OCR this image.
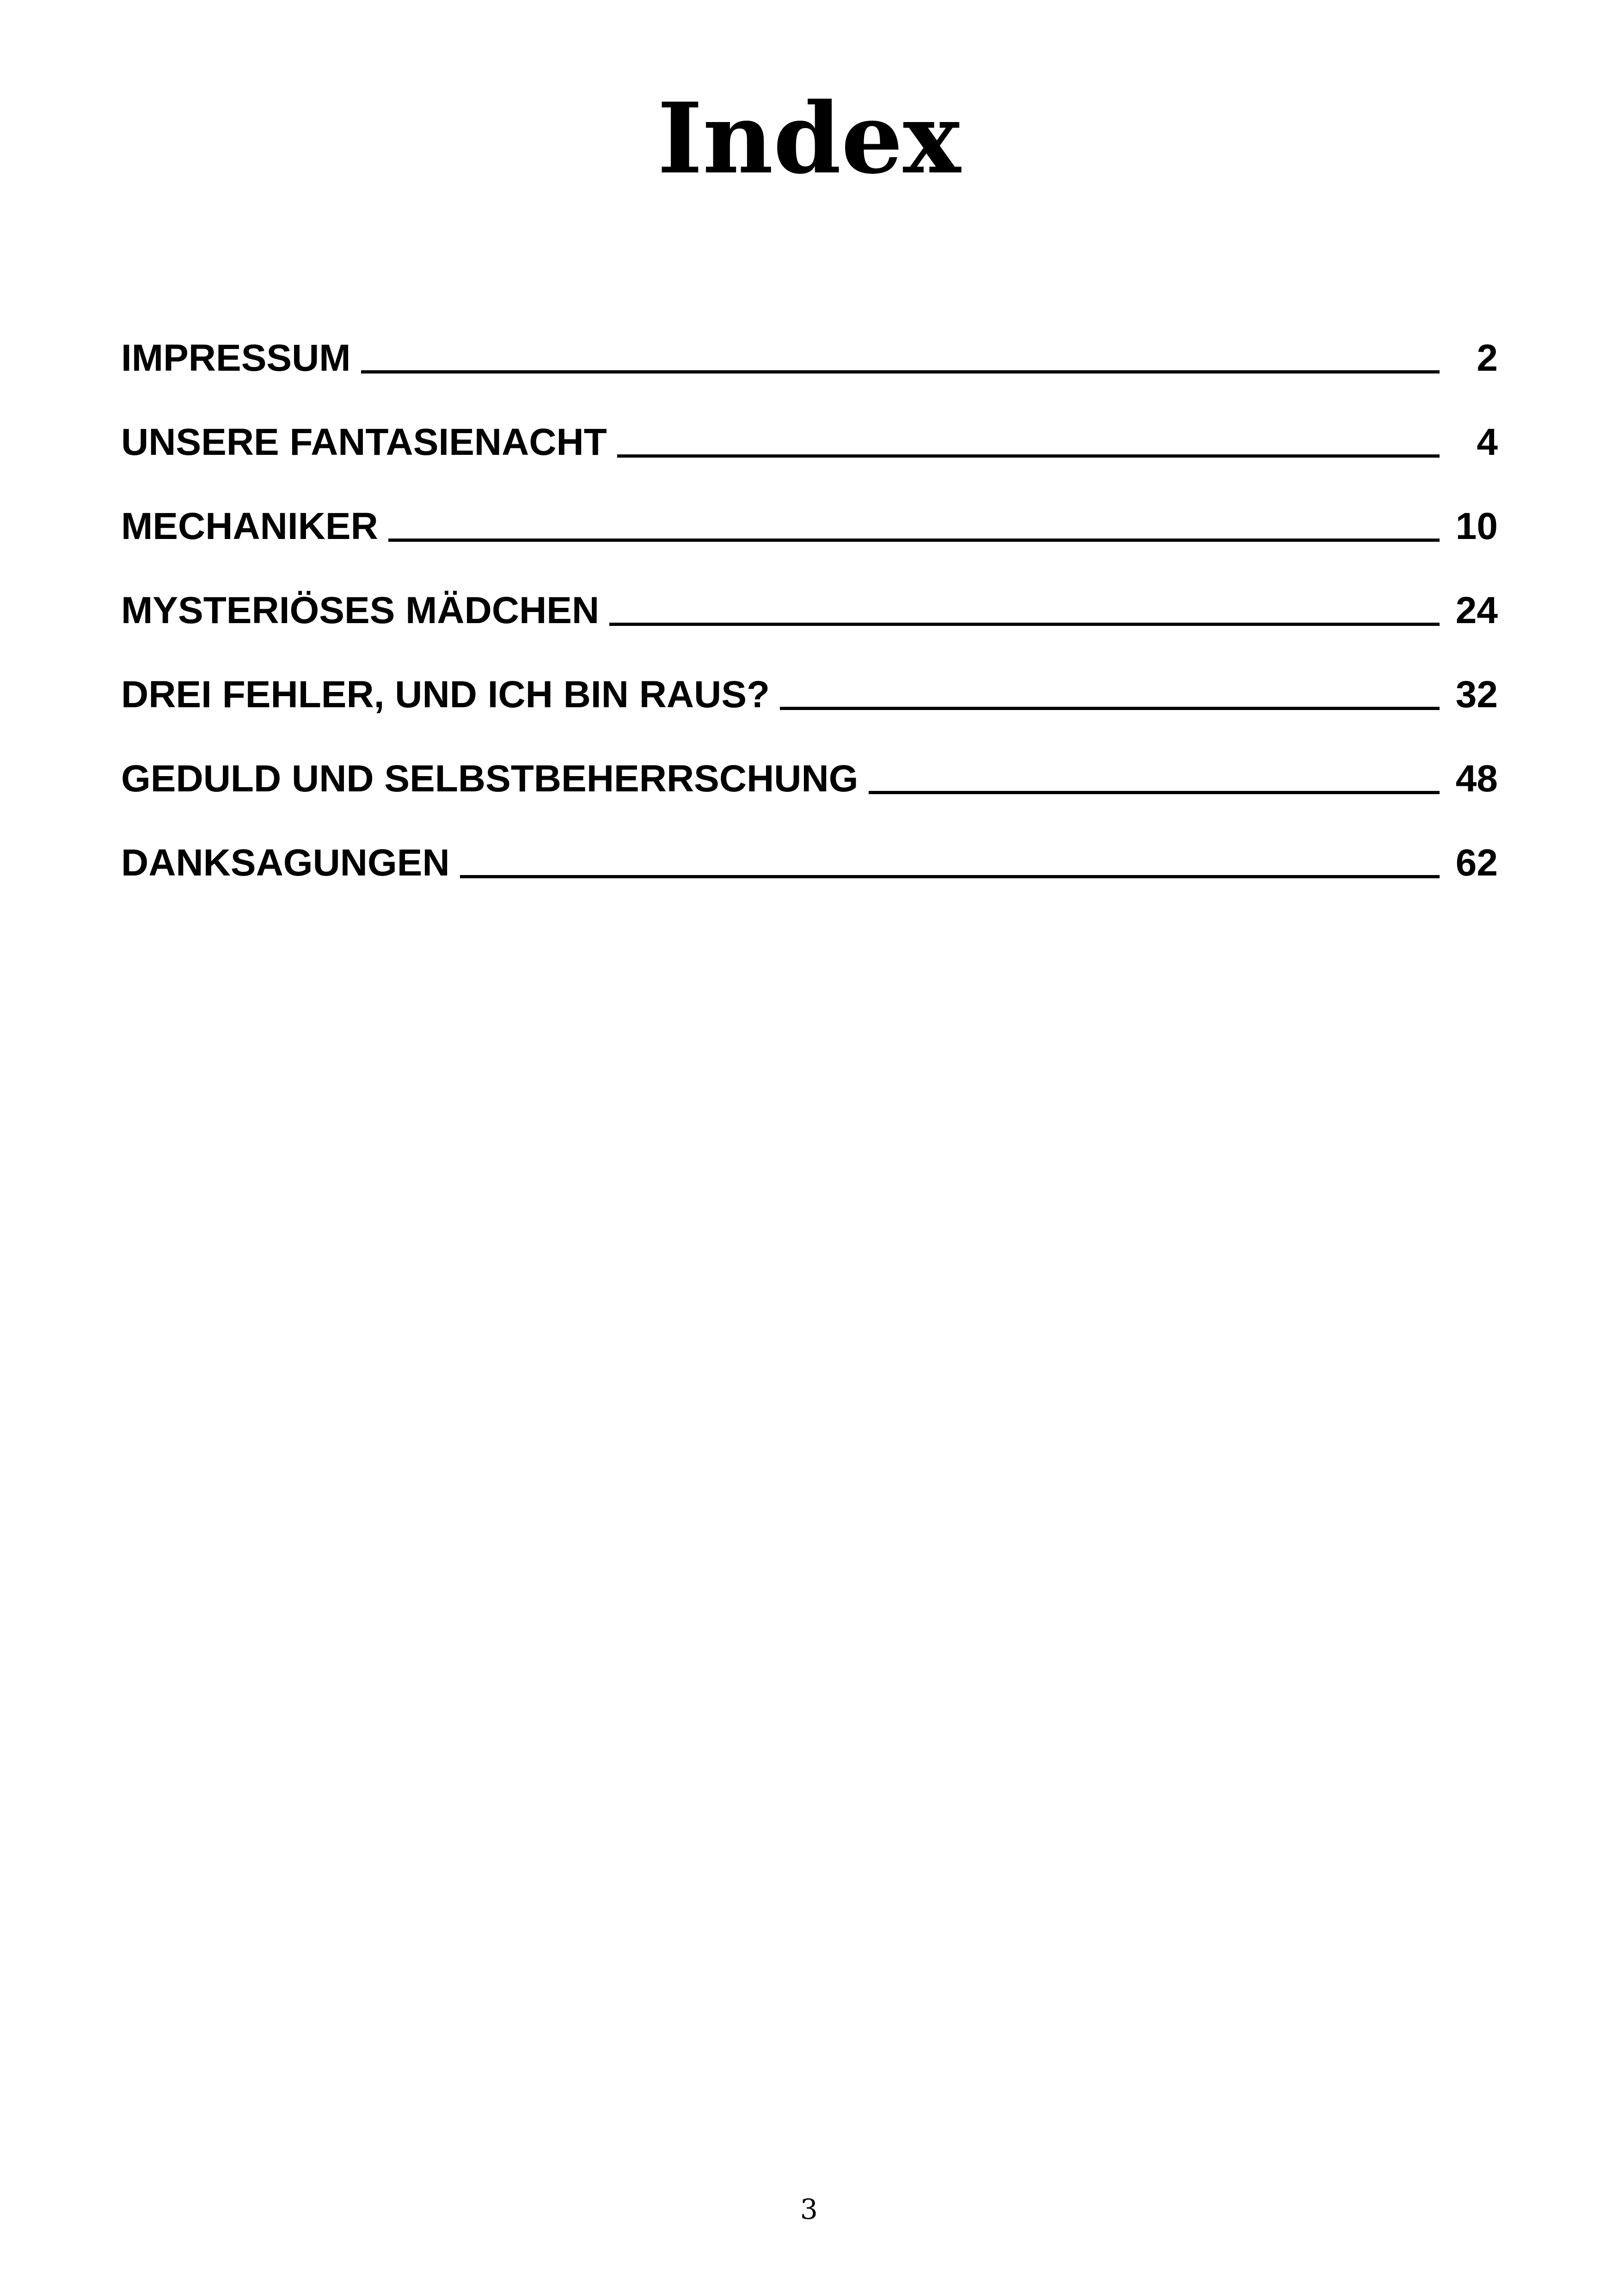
Index
IMPRESSUM	2
UNSERE FANTASIENACHT	4
MECHANIKER	10
MYSTERIÖSES MÄDCHEN	24
DREI FEHLER, UND ICH BIN RAUS?	32
GEDULD UND SELBSTBEHERRSCHUNG	48
DANKSAGUNGEN	62
3
